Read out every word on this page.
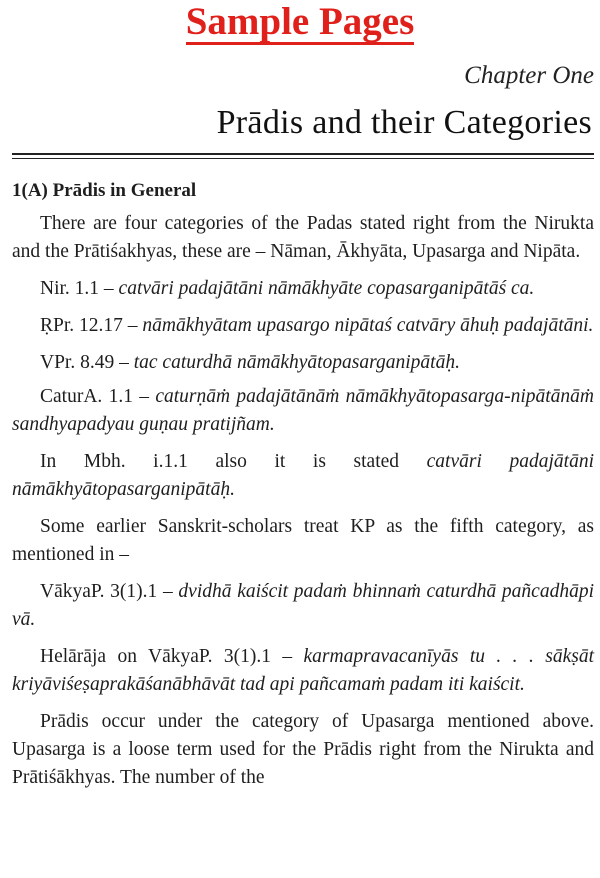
Sample Pages
Chapter One
Prādis and their Categories
1(A) Prādis in General

There are four categories of the Padas stated right from the Nirukta and the Prātiśakhyas, these are – Nāman, Ākhyāta, Upasarga and Nipāta.

Nir. 1.1 – catvāri padajātāni nāmākhyāte copasarganipātāś ca.

ṚPr. 12.17 – nāmākhyātam upasargo nipātaś catvāry āhuḥ padajātāni.

VPr. 8.49 – tac caturdhā nāmākhyātopasarganipātāḥ.

CaturA. 1.1 – caturṇāṁ padajātānāṁ nāmākhyātopasarga-nipātānāṁ sandhyapadyau guṇau pratijñam.

In Mbh. i.1.1 also it is stated catvāri padajātāni nāmākhyātopasarganipātāḥ.

Some earlier Sanskrit-scholars treat KP as the fifth category, as mentioned in –

VākyaP. 3(1).1 – dvidhā kaiścit padaṁ bhinnaṁ caturdhā pañcadhāpi vā.

Helārāja on VākyaP. 3(1).1 – karmapravacanīyās tu . . . sākṣāt kriyāviśeṣaprakāśanābhāvāt tad api pañcamaṁ padam iti kaiścit.

Prādis occur under the category of Upasarga mentioned above. Upasarga is a loose term used for the Prādis right from the Nirukta and Prātiśākhyas. The number of the
